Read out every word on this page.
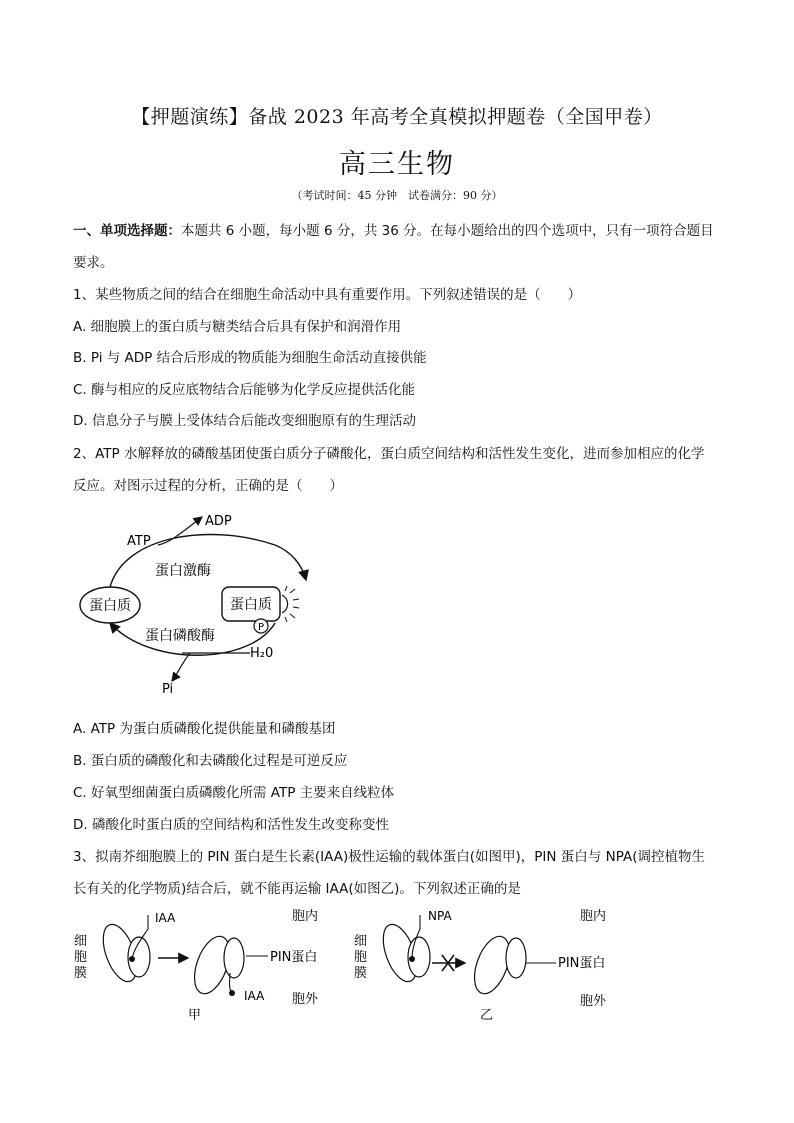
【押题演练】备战 2023 年高考全真模拟押题卷（全国甲卷）
高三生物
（考试时间：45 分钟　试卷满分：90 分）
一、单项选择题：本题共 6 小题，每小题 6 分，共 36 分。在每小题给出的四个选项中，只有一项符合题目
要求。
1、某些物质之间的结合在细胞生命活动中具有重要作用。下列叙述错误的是（　　）
A. 细胞膜上的蛋白质与糖类结合后具有保护和润滑作用
B. Pi 与 ADP 结合后形成的物质能为细胞生命活动直接供能
C. 酶与相应的反应底物结合后能够为化学反应提供活化能
D. 信息分子与膜上受体结合后能改变细胞原有的生理活动
2、ATP 水解释放的磷酸基团使蛋白质分子磷酸化，蛋白质空间结构和活性发生变化，进而参加相应的化学
反应。对图示过程的分析，正确的是（　　）
蛋白质	蛋白质
P
ADP
ATP
蛋白激酶
蛋白磷酸酶
H₂0
Pi
A. ATP 为蛋白质磷酸化提供能量和磷酸基团
B. 蛋白质的磷酸化和去磷酸化过程是可逆反应
C. 好氧型细菌蛋白质磷酸化所需 ATP 主要来自线粒体
D. 磷酸化时蛋白质的空间结构和活性发生改变称变性
3、拟南芥细胞膜上的 PIN 蛋白是生长素(IAA)极性运输的载体蛋白(如图甲)，PIN 蛋白与 NPA(调控植物生
长有关的化学物质)结合后，就不能再运输 IAA(如图乙)。下列叙述正确的是
细
胞
膜
IAA
IAA
PIN蛋白
胞内
胞外
甲
细
胞
膜
NPA
PIN蛋白
胞内
胞外
乙
